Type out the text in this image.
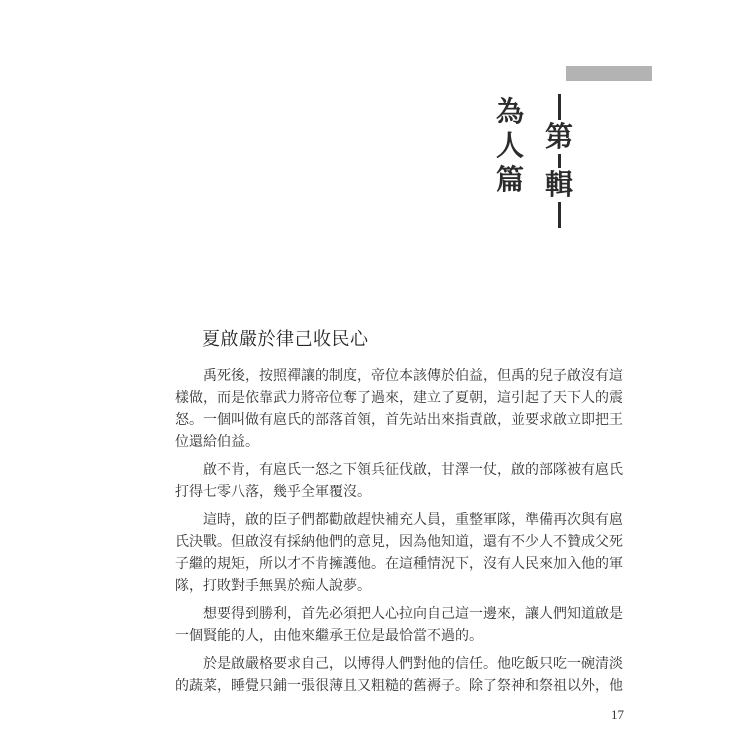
第
輯
為
人
篇
夏啟嚴於律己收民心
禹死後，按照禪讓的制度，帝位本該傳於伯益，但禹的兒子啟沒有這
樣做，而是依靠武力將帝位奪了過來，建立了夏朝，這引起了天下人的震
怒。一個叫做有扈氏的部落首領，首先站出來指責啟，並要求啟立即把王
位還給伯益。
啟不肯，有扈氏一怒之下領兵征伐啟，甘澤一仗，啟的部隊被有扈氏
打得七零八落，幾乎全軍覆沒。
這時，啟的臣子們都勸啟趕快補充人員，重整軍隊，準備再次與有扈
氏決戰。但啟沒有採納他們的意見，因為他知道，還有不少人不贊成父死
子繼的規矩，所以才不肯擁護他。在這種情況下，沒有人民來加入他的軍
隊，打敗對手無異於痴人說夢。
想要得到勝利，首先必須把人心拉向自己這一邊來，讓人們知道啟是
一個賢能的人，由他來繼承王位是最恰當不過的。
於是啟嚴格要求自己，以博得人們對他的信任。他吃飯只吃一碗清淡
的蔬菜，睡覺只鋪一張很薄且又粗糙的舊褥子。除了祭神和祭祖以外，他
17
